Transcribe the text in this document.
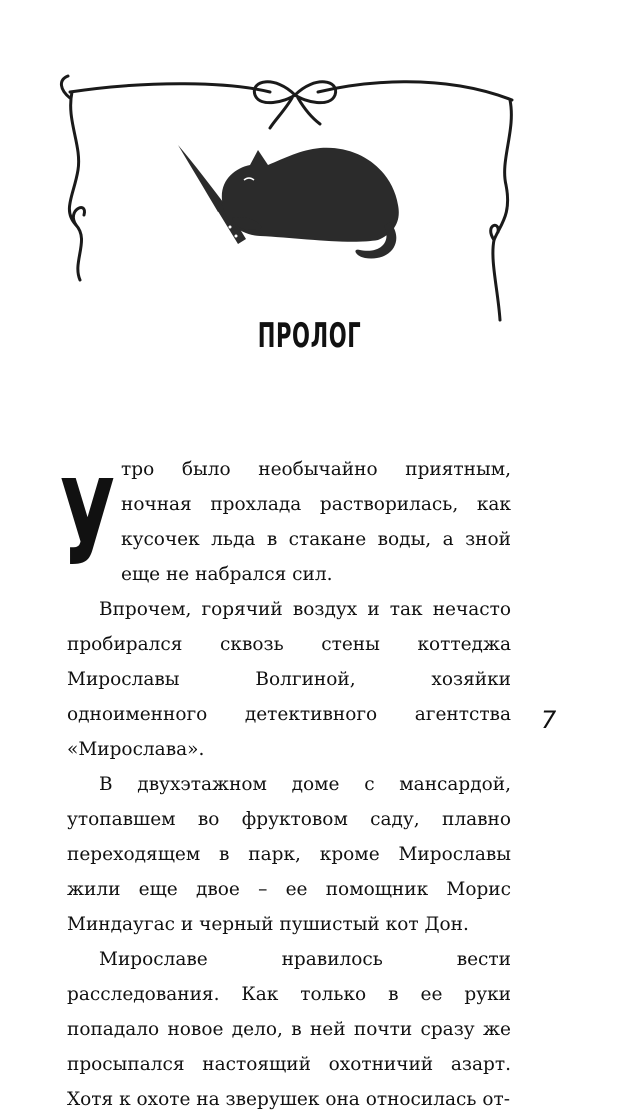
ПРОЛОГ
У тро было необычайно приятным, ночная прохлада растворилась, как кусочек льда в стакане воды, а зной еще не набрался сил.

Впрочем, горячий воздух и так нечасто пробирался сквозь стены коттеджа Мирославы Волгиной, хозяйки одноименного детективного агентства «Мирослава».

В двухэтажном доме с мансардой, утопавшем во фруктовом саду, плавно переходящем в парк, кроме Мирославы жили еще двое – ее помощник Морис Миндаугас и черный пушистый кот Дон.

Мирославе нравилось вести расследования. Как только в ее руки попадало новое дело, в ней почти сразу же просыпался настоящий охотничий азарт. Хотя к охоте на зверушек она относилась от-

7
